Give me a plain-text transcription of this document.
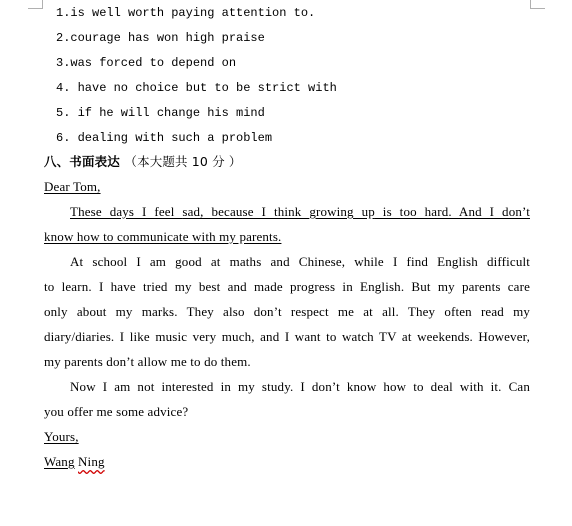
1.is well worth paying attention to.
2.courage has won high praise
3.was forced to depend on
4. have no choice but to be strict with
5. if he will change his mind
6. dealing with such a problem
八、书面表达 （本大题共 10 分 ）
Dear Tom,
These days I feel sad, because I think growing up is too hard. And I don’t
know how to communicate with my parents.
At school I am good at maths and Chinese, while I find English difficult
to learn. I have tried my best and made progress in English. But my parents care
only about my marks. They also don’t respect me at all. They often read my
diary/diaries. I like music very much, and I want to watch TV at weekends. However,
my parents don’t allow me to do them.
Now I am not interested in my study. I don’t know how to deal with it. Can
you offer me some advice?
Yours,
Wang Ning
